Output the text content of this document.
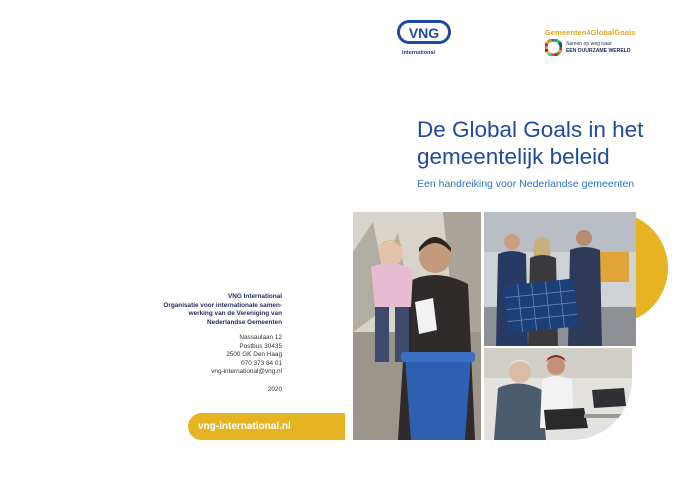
VNG International
Organisatie voor internationale samen-
werking van de Vereniging van
Nederlandse Gemeenten
Nassaulaan 12
Postbus 30435
2500 GK Den Haag
070 373 84 01
vng-international@vng.nl
2020
vng-international.nl
VNG
International
Gemeenten4GlobalGoals
Samen op weg naar
EEN DUURZAME WERELD
De Global Goals in het
gemeentelijk beleid
Een handreiking voor Nederlandse gemeenten
